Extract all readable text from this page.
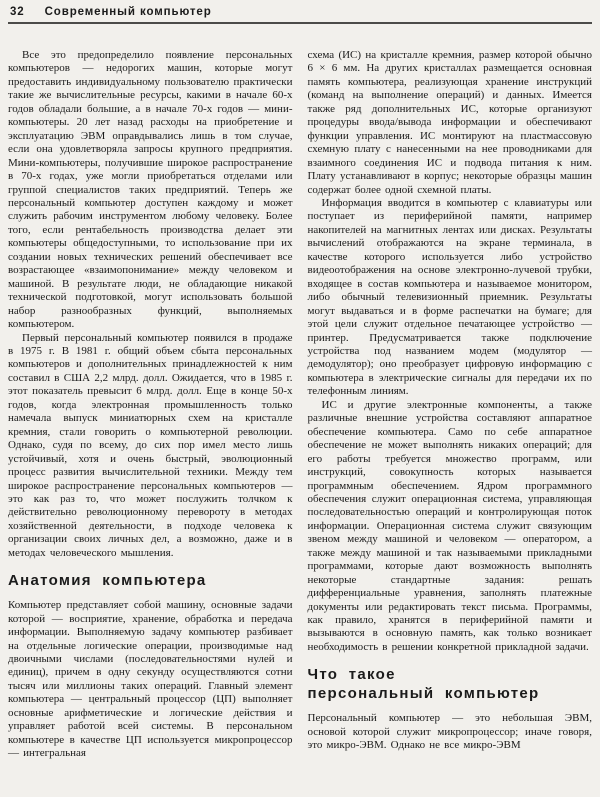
32 Современный компьютер

Все это предопределило появление персональных компьютеров — недорогих машин, которые могут предоставить индивидуальному пользователю практически такие же вычислительные ресурсы, какими в начале 60-х годов обладали большие, а в начале 70-х годов — мини-компьютеры. 20 лет назад расходы на приобретение и эксплуатацию ЭВМ оправдывались лишь в том случае, если она удовлетворяла запросы крупного предприятия. Мини-компьютеры, получившие широкое распространение в 70-х годах, уже могли приобретаться отделами или группой специалистов таких предприятий. Теперь же персональный компьютер доступен каждому и может служить рабочим инструментом любому человеку. Более того, если рентабельность производства делает эти компьютеры общедоступными, то использование при их создании новых технических решений обеспечивает все возрастающее «взаимопонимание» между человеком и машиной. В результате люди, не обладающие никакой технической подготовкой, могут использовать большой набор разнообразных функций, выполняемых компьютером.

Первый персональный компьютер появился в продаже в 1975 г. В 1981 г. общий объем сбыта персональных компьютеров и дополнительных принадлежностей к ним составил в США 2,2 млрд. долл. Ожидается, что в 1985 г. этот показатель превысит 6 млрд. долл. Еще в конце 50-х годов, когда электронная промышленность только намечала выпуск миниатюрных схем на кристалле кремния, стали говорить о компьютерной революции. Однако, судя по всему, до сих пор имел место лишь устойчивый, хотя и очень быстрый, эволюционный процесс развития вычислительной техники. Между тем широкое распространение персональных компьютеров — это как раз то, что может послужить толчком к действительно революционному перевороту в методах хозяйственной деятельности, в подходе человека к организации своих личных дел, а возможно, даже и в методах человеческого мышления.

Анатомия компьютера

Компьютер представляет собой машину, основные задачи которой — восприятие, хранение, обработка и передача информации. Выполняемую задачу компьютер разбивает на отдельные логические операции, производимые над двоичными числами (последовательностями нулей и единиц), причем в одну секунду осуществляются сотни тысяч или миллионы таких операций. Главный элемент компьютера — центральный процессор (ЦП) выполняет основные арифметические и логические действия и управляет работой всей системы. В персональном компьютере в качестве ЦП используется микропроцессор — интегральная

схема (ИС) на кристалле кремния, размер которой обычно 6 × 6 мм. На других кристаллах размещается основная память компьютера, реализующая хранение инструкций (команд на выполнение операций) и данных. Имеется также ряд дополнительных ИС, которые организуют процедуры ввода/вывода информации и обеспечивают функции управления. ИС монтируют на пластмассовую схемную плату с нанесенными на нее проводниками для взаимного соединения ИС и подвода питания к ним. Плату устанавливают в корпус; некоторые образцы машин содержат более одной схемной платы.

Информация вводится в компьютер с клавиатуры или поступает из периферийной памяти, например накопителей на магнитных лентах или дисках. Результаты вычислений отображаются на экране терминала, в качестве которого используется либо устройство видеоотображения на основе электронно-лучевой трубки, входящее в состав компьютера и называемое монитором, либо обычный телевизионный приемник. Результаты могут выдаваться и в форме распечатки на бумаге; для этой цели служит отдельное печатающее устройство — принтер. Предусматривается также подключение устройства под названием модем (модулятор — демодулятор); оно преобразует цифровую информацию с компьютера в электрические сигналы для передачи их по телефонным линиям.

ИС и другие электронные компоненты, а также различные внешние устройства составляют аппаратное обеспечение компьютера. Само по себе аппаратное обеспечение не может выполнять никаких операций; для его работы требуется множество программ, или инструкций, совокупность которых называется программным обеспечением. Ядром программного обеспечения служит операционная система, управляющая последовательностью операций и контролирующая поток информации. Операционная система служит связующим звеном между машиной и человеком — оператором, а также между машиной и так называемыми прикладными программами, которые дают возможность выполнять некоторые стандартные задания: решать дифференциальные уравнения, заполнять платежные документы или редактировать текст письма. Программы, как правило, хранятся в периферийной памяти и вызываются в основную память, как только возникает необходимость в решении конкретной прикладной задачи.

Что такое
персональный компьютер

Персональный компьютер — это небольшая ЭВМ, основой которой служит микропроцессор; иначе говоря, это микро-ЭВМ. Однако не все микро-ЭВМ
